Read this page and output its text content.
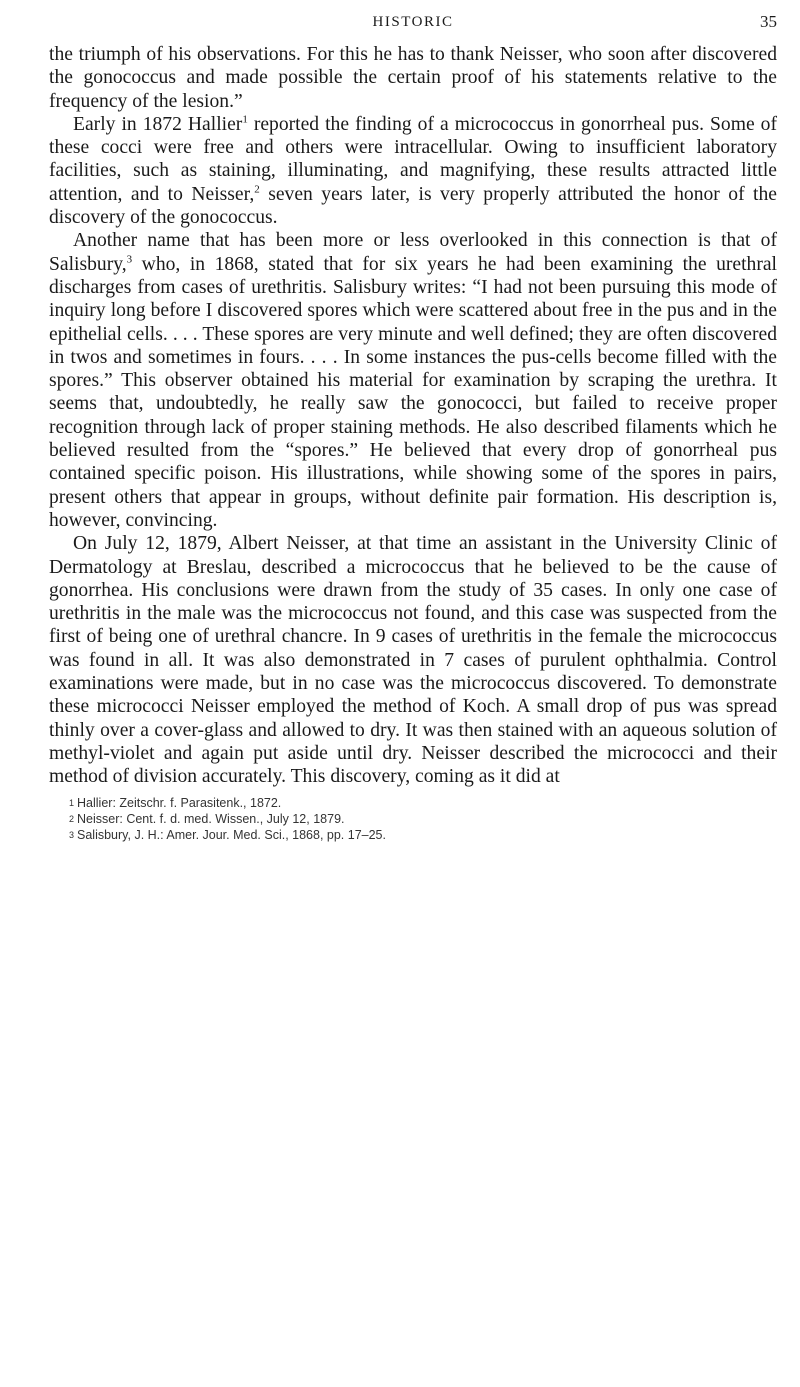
HISTORIC	35

the triumph of his observations. For this he has to thank Neisser, who soon after discovered the gonococcus and made possible the certain proof of his statements relative to the frequency of the lesion.”

Early in 1872 Hallier$^1$ reported the finding of a micrococcus in gonorrheal pus. Some of these cocci were free and others were intracellular. Owing to insufficient laboratory facilities, such as staining, illuminating, and magnifying, these results attracted little attention, and to Neisser,$^2$ seven years later, is very properly attributed the honor of the discovery of the gonococcus.

Another name that has been more or less overlooked in this connection is that of Salisbury,$^3$ who, in 1868, stated that for six years he had been examining the urethral discharges from cases of urethritis. Salisbury writes: “I had not been pursuing this mode of inquiry long before I discovered spores which were scattered about free in the pus and in the epithelial cells. . . . These spores are very minute and well defined; they are often discovered in twos and sometimes in fours. . . . In some instances the pus-cells become filled with the spores.” This observer obtained his material for examination by scraping the urethra. It seems that, undoubtedly, he really saw the gonococci, but failed to receive proper recognition through lack of proper staining methods. He also described filaments which he believed resulted from the “spores.” He believed that every drop of gonorrheal pus contained specific poison. His illustrations, while showing some of the spores in pairs, present others that appear in groups, without definite pair formation. His description is, however, convincing.

On July 12, 1879, Albert Neisser, at that time an assistant in the University Clinic of Dermatology at Breslau, described a micrococcus that he believed to be the cause of gonorrhea. His conclusions were drawn from the study of 35 cases. In only one case of urethritis in the male was the micrococcus not found, and this case was suspected from the first of being one of urethral chancre. In 9 cases of urethritis in the female the micrococcus was found in all. It was also demonstrated in 7 cases of purulent ophthalmia. Control examinations were made, but in no case was the micrococcus discovered. To demonstrate these micrococci Neisser employed the method of Koch. A small drop of pus was spread thinly over a cover-glass and allowed to dry. It was then stained with an aqueous solution of methyl-violet and again put aside until dry. Neisser described the micrococci and their method of division accurately. This discovery, coming as it did at

1 Hallier: Zeitschr. f. Parasitenk., 1872.
2 Neisser: Cent. f. d. med. Wissen., July 12, 1879.
3 Salisbury, J. H.: Amer. Jour. Med. Sci., 1868, pp. 17–25.
